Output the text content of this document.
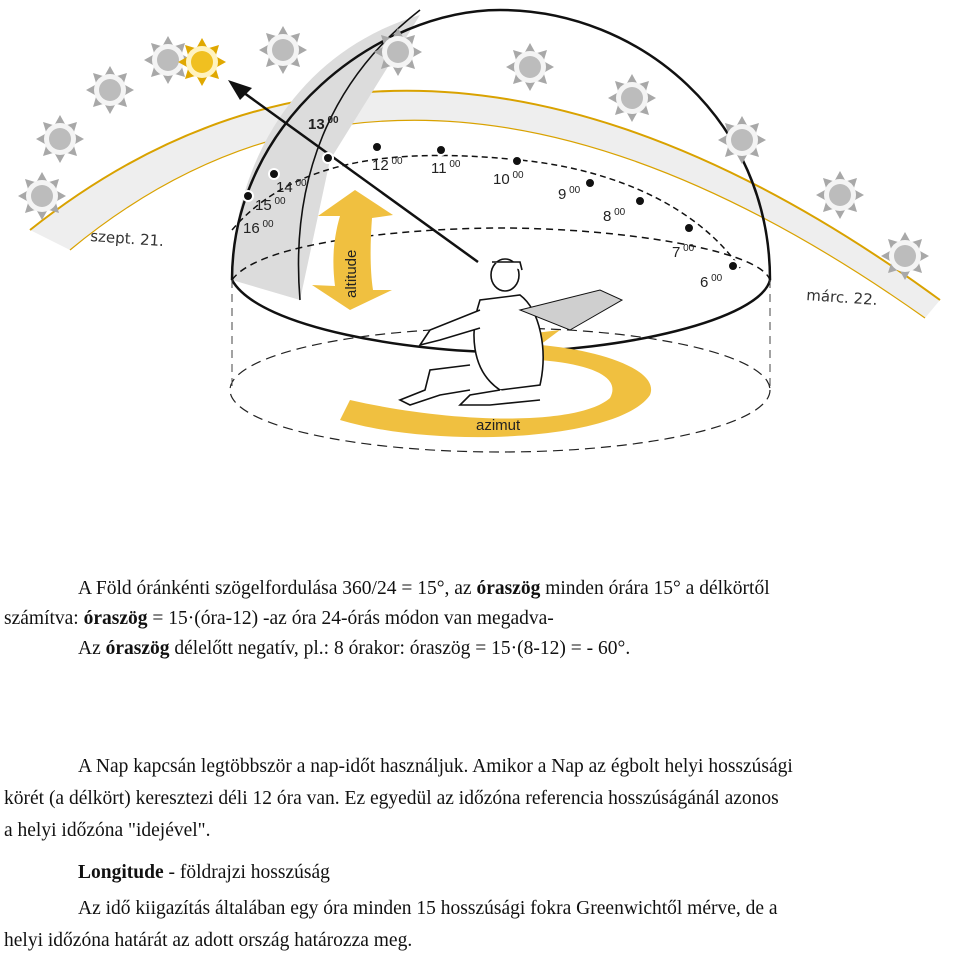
azimut
altitude	6 $^{00}$
7 $^{00}$
8 $^{00}$
9 $^{00}$
10 $^{00}$
11 $^{00}$
12 $^{00}$
13 $^{00}$
14 $^{00}$
15 $^{00}$
16 $^{00}$
szept. 21.
márc. 22.
A Föld óránkénti szögelfordulása 360/24 = 15°, az óraszög minden órára 15° a délkörtől
számítva: óraszög = 15·(óra-12) -az óra 24-órás módon van megadva-
Az óraszög délelőtt negatív, pl.: 8 órakor: óraszög = 15·(8-12) = - 60°.
A Nap kapcsán legtöbbször a nap-időt használjuk. Amikor a Nap az égbolt helyi hosszúsági
körét (a délkört) keresztezi déli 12 óra van. Ez egyedül az időzóna referencia hosszúságánál azonos
a helyi időzóna "idejével".
Longitude - földrajzi hosszúság
Az idő kiigazítás általában egy óra minden 15 hosszúsági fokra Greenwichtől mérve, de a
helyi időzóna határát az adott ország határozza meg.
